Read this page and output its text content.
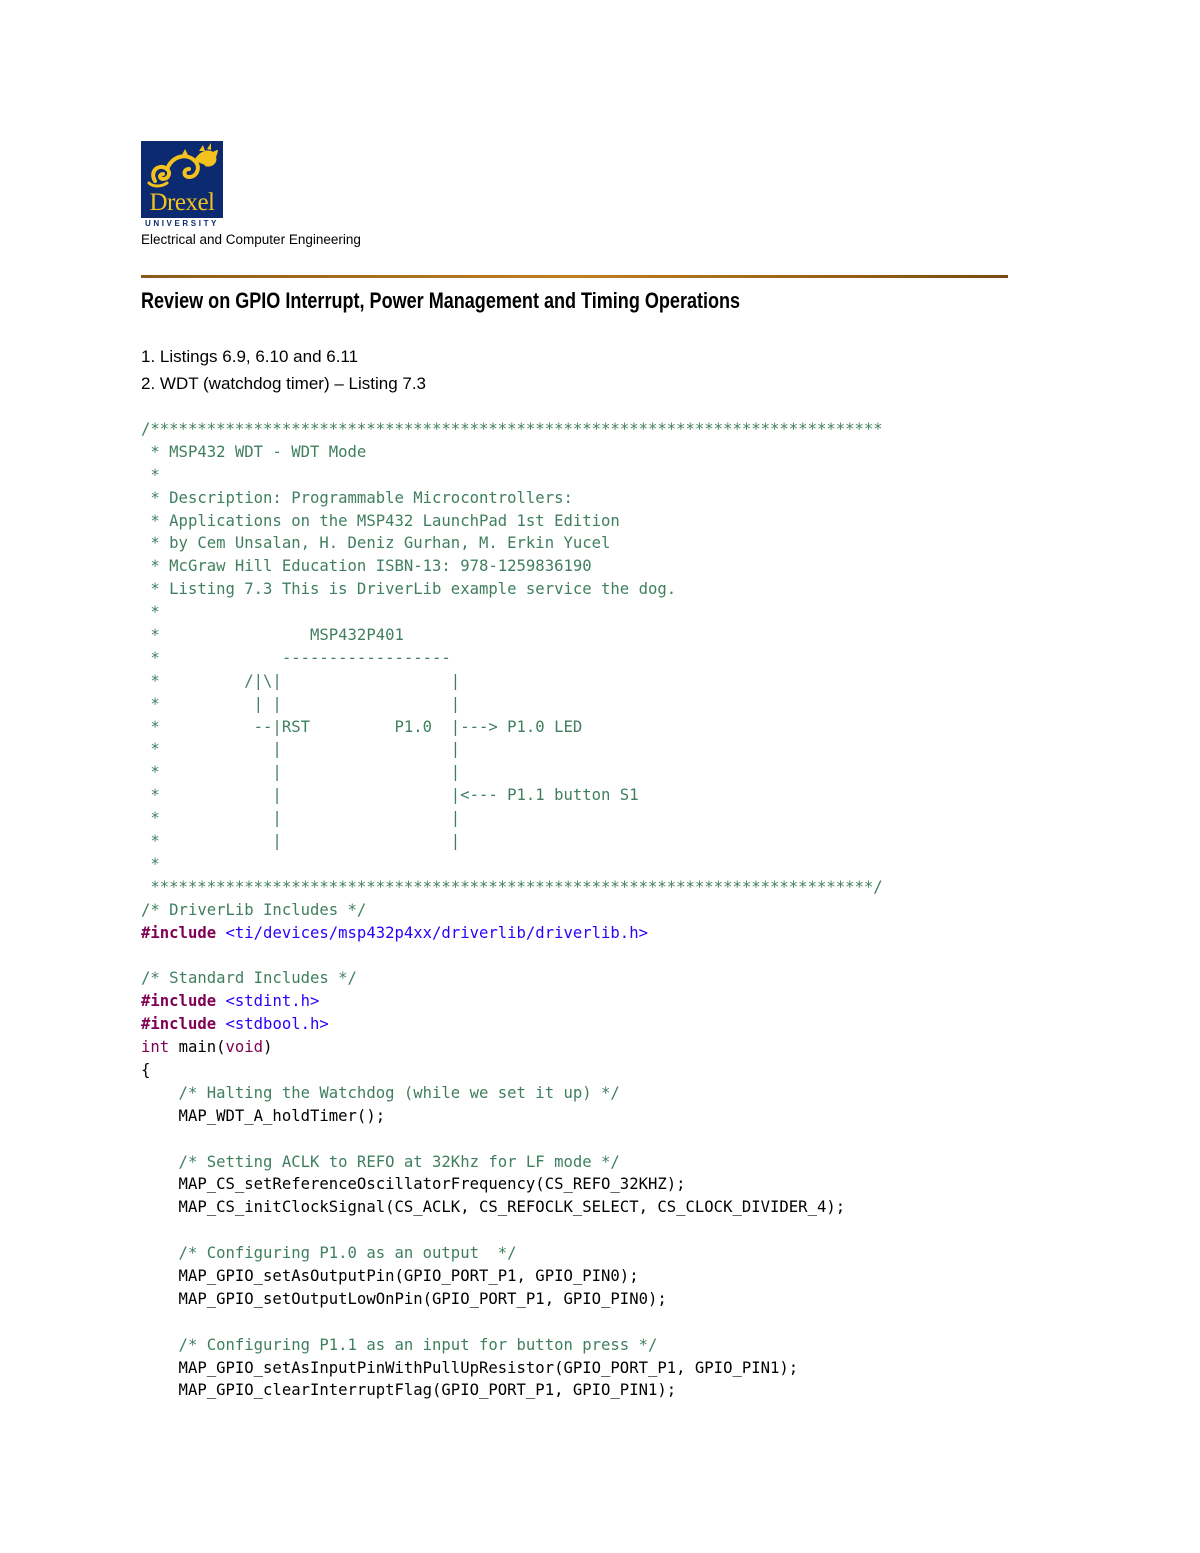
Drexel
UNIVERSITY
Electrical and Computer Engineering
Review on GPIO Interrupt, Power Management and Timing Operations
1. Listings 6.9, 6.10 and 6.11
2. WDT (watchdog timer) – Listing 7.3
/******************************************************************************
* MSP432 WDT - WDT Mode
*
* Description: Programmable Microcontrollers:
* Applications on the MSP432 LaunchPad 1st Edition
* by Cem Unsalan, H. Deniz Gurhan, M. Erkin Yucel
* McGraw Hill Education ISBN-13: 978-1259836190
* Listing 7.3 This is DriverLib example service the dog.
*
*                MSP432P401
*             ------------------
*         /|\|                  |
*          | |                  |
*          --|RST         P1.0  |---> P1.0 LED
*            |                  |
*            |                  |
*            |                  |<--- P1.1 button S1
*            |                  |
*            |                  |
*
*****************************************************************************/
/* DriverLib Includes */
#include <ti/devices/msp432p4xx/driverlib/driverlib.h>

/* Standard Includes */
#include <stdint.h>
#include <stdbool.h>
int main(void)
{
/* Halting the Watchdog (while we set it up) */
MAP_WDT_A_holdTimer();

/* Setting ACLK to REFO at 32Khz for LF mode */
MAP_CS_setReferenceOscillatorFrequency(CS_REFO_32KHZ);
MAP_CS_initClockSignal(CS_ACLK, CS_REFOCLK_SELECT, CS_CLOCK_DIVIDER_4);

/* Configuring P1.0 as an output  */
MAP_GPIO_setAsOutputPin(GPIO_PORT_P1, GPIO_PIN0);
MAP_GPIO_setOutputLowOnPin(GPIO_PORT_P1, GPIO_PIN0);

/* Configuring P1.1 as an input for button press */
MAP_GPIO_setAsInputPinWithPullUpResistor(GPIO_PORT_P1, GPIO_PIN1);
MAP_GPIO_clearInterruptFlag(GPIO_PORT_P1, GPIO_PIN1);
